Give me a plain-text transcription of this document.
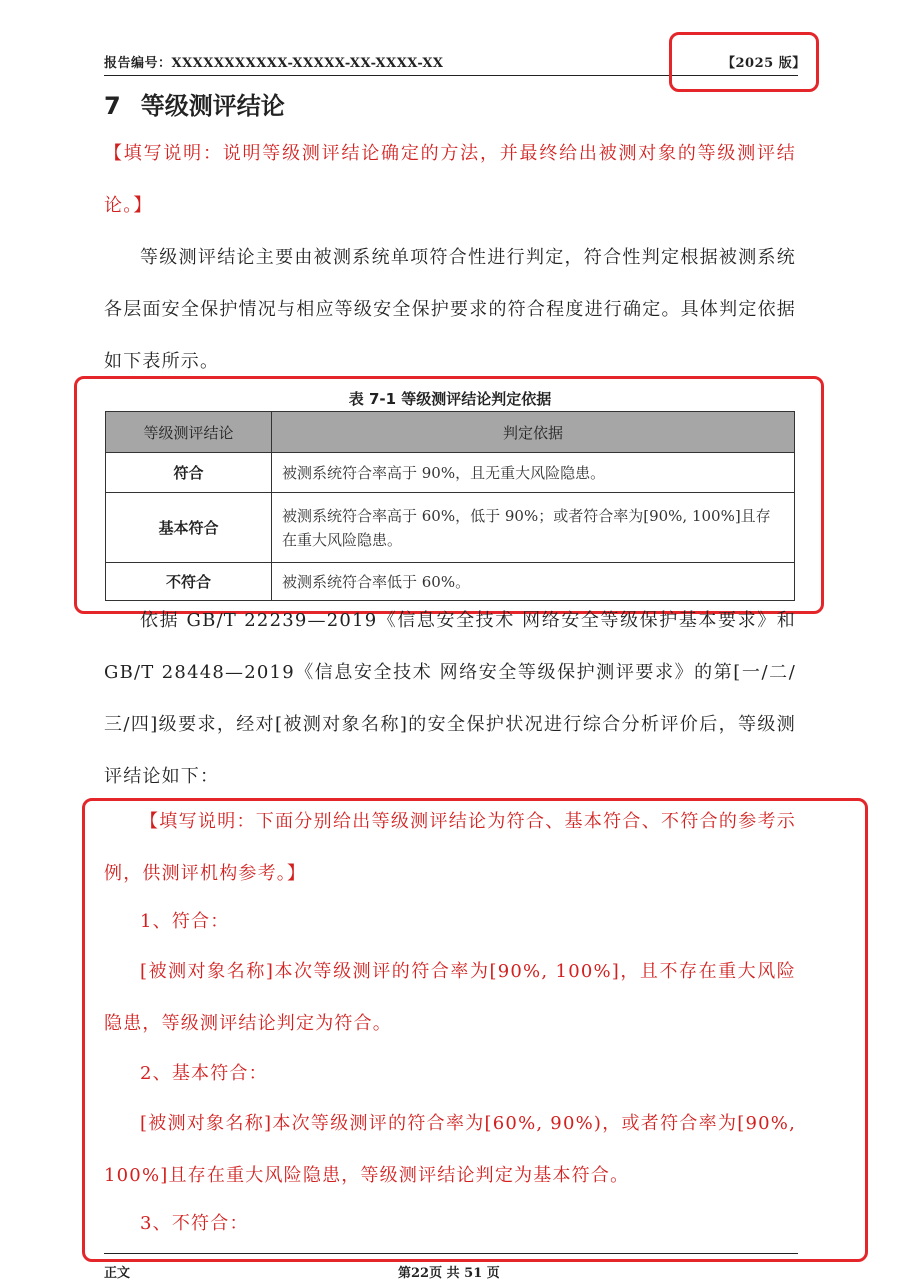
报告编号：XXXXXXXXXXX-XXXXX-XX-XXXX-XX	【2025 版】
7 等级测评结论
【填写说明：说明等级测评结论确定的方法，并最终给出被测对象的等级测评结论。】
等级测评结论主要由被测系统单项符合性进行判定，符合性判定根据被测系统各层面安全保护情况与相应等级安全保护要求的符合程度进行确定。具体判定依据如下表所示。
表 7-1 等级测评结论判定依据
等级测评结论	判定依据
符合	被测系统符合率高于 90%，且无重大风险隐患。
基本符合	被测系统符合率高于 60%，低于 90%；或者符合率为[90%, 100%]且存在重大风险隐患。
不符合	被测系统符合率低于 60%。
依据 GB/T 22239—2019《信息安全技术 网络安全等级保护基本要求》和GB/T 28448—2019《信息安全技术 网络安全等级保护测评要求》的第[一/二/三/四]级要求，经对[被测对象名称]的安全保护状况进行综合分析评价后，等级测评结论如下：
【填写说明：下面分别给出等级测评结论为符合、基本符合、不符合的参考示例，供测评机构参考。】
1、符合：
[被测对象名称]本次等级测评的符合率为[90%, 100%]，且不存在重大风险隐患，等级测评结论判定为符合。
2、基本符合：
[被测对象名称]本次等级测评的符合率为[60%, 90%)，或者符合率为[90%, 100%]且存在重大风险隐患，等级测评结论判定为基本符合。
3、不符合：
正文	第22页 共 51 页
